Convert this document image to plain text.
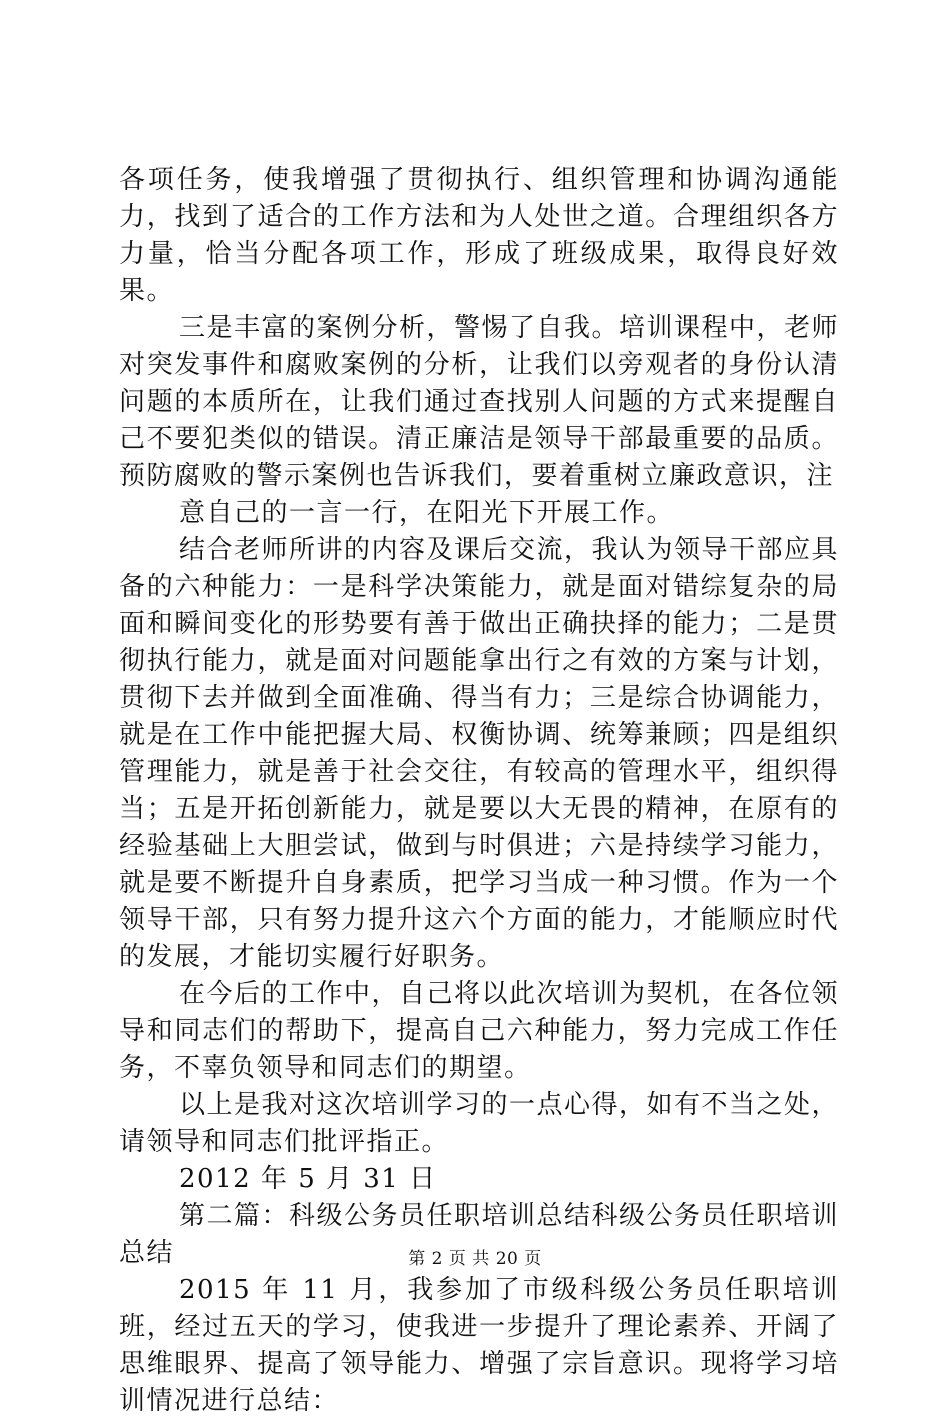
各项任务，使我增强了贯彻执行、组织管理和协调沟通能力，找到了适合的工作方法和为人处世之道。合理组织各方力量，恰当分配各项工作，形成了班级成果，取得良好效果。

三是丰富的案例分析，警惕了自我。培训课程中，老师对突发事件和腐败案例的分析，让我们以旁观者的身份认清问题的本质所在，让我们通过查找别人问题的方式来提醒自己不要犯类似的错误。清正廉洁是领导干部最重要的品质。预防腐败的警示案例也告诉我们，要着重树立廉政意识，注

意自己的一言一行，在阳光下开展工作。

结合老师所讲的内容及课后交流，我认为领导干部应具备的六种能力：一是科学决策能力，就是面对错综复杂的局面和瞬间变化的形势要有善于做出正确抉择的能力；二是贯彻执行能力，就是面对问题能拿出行之有效的方案与计划，贯彻下去并做到全面准确、得当有力；三是综合协调能力，就是在工作中能把握大局、权衡协调、统筹兼顾；四是组织管理能力，就是善于社会交往，有较高的管理水平，组织得当；五是开拓创新能力，就是要以大无畏的精神，在原有的经验基础上大胆尝试，做到与时俱进；六是持续学习能力，就是要不断提升自身素质，把学习当成一种习惯。作为一个领导干部，只有努力提升这六个方面的能力，才能顺应时代的发展，才能切实履行好职务。

在今后的工作中，自己将以此次培训为契机，在各位领导和同志们的帮助下，提高自己六种能力，努力完成工作任务，不辜负领导和同志们的期望。

以上是我对这次培训学习的一点心得，如有不当之处，请领导和同志们批评指正。

2012 年 5 月 31 日

第二篇：科级公务员任职培训总结科级公务员任职培训总结

2015 年 11 月，我参加了市级科级公务员任职培训班，经过五天的学习，使我进一步提升了理论素养、开阔了思维眼界、提高了领导能力、增强了宗旨意识。现将学习培训情况进行总结：

第 2 页 共 20 页
